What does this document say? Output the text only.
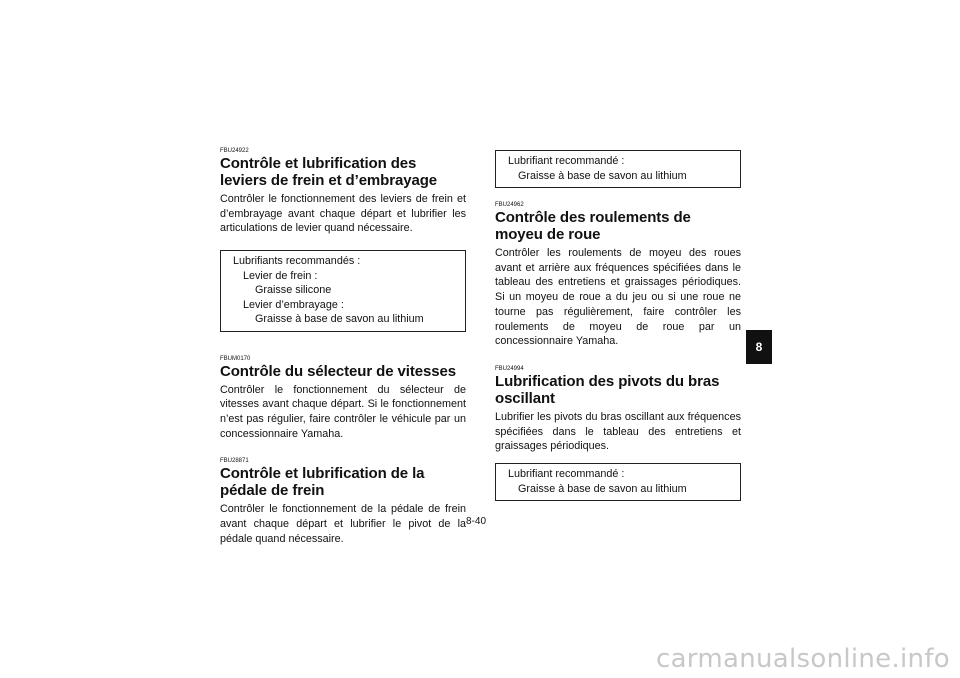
FBU24922

Contrôle et lubrification des leviers de frein et d’embrayage

Contrôler le fonctionnement des leviers de frein et d’embrayage avant chaque départ et lubrifier les articulations de levier quand nécessaire.

Lubrifiants recommandés :

Levier de frein :

Graisse silicone

Levier d’embrayage :

Graisse à base de savon au lithium

FBUM0170

Contrôle du sélecteur de vitesses

Contrôler le fonctionnement du sélecteur de vitesses avant chaque départ. Si le fonctionnement n’est pas régulier, faire contrôler le véhicule par un concessionnaire Yamaha.

FBU28871

Contrôle et lubrification de la pédale de frein

Contrôler le fonctionnement de la pédale de frein avant chaque départ et lubrifier le pivot de la pédale quand nécessaire.

Lubrifiant recommandé :

Graisse à base de savon au lithium

FBU24962

Contrôle des roulements de moyeu de roue

Contrôler les roulements de moyeu des roues avant et arrière aux fréquences spécifiées dans le tableau des entretiens et graissages périodiques. Si un moyeu de roue a du jeu ou si une roue ne tourne pas régulièrement, faire contrôler les roulements de moyeu de roue par un concessionnaire Yamaha.

FBU24994

Lubrification des pivots du bras oscillant

Lubrifier les pivots du bras oscillant aux fréquences spécifiées dans le tableau des entretiens et graissages périodiques.

Lubrifiant recommandé :

Graisse à base de savon au lithium

8
8-40
carmanualsonline.info
